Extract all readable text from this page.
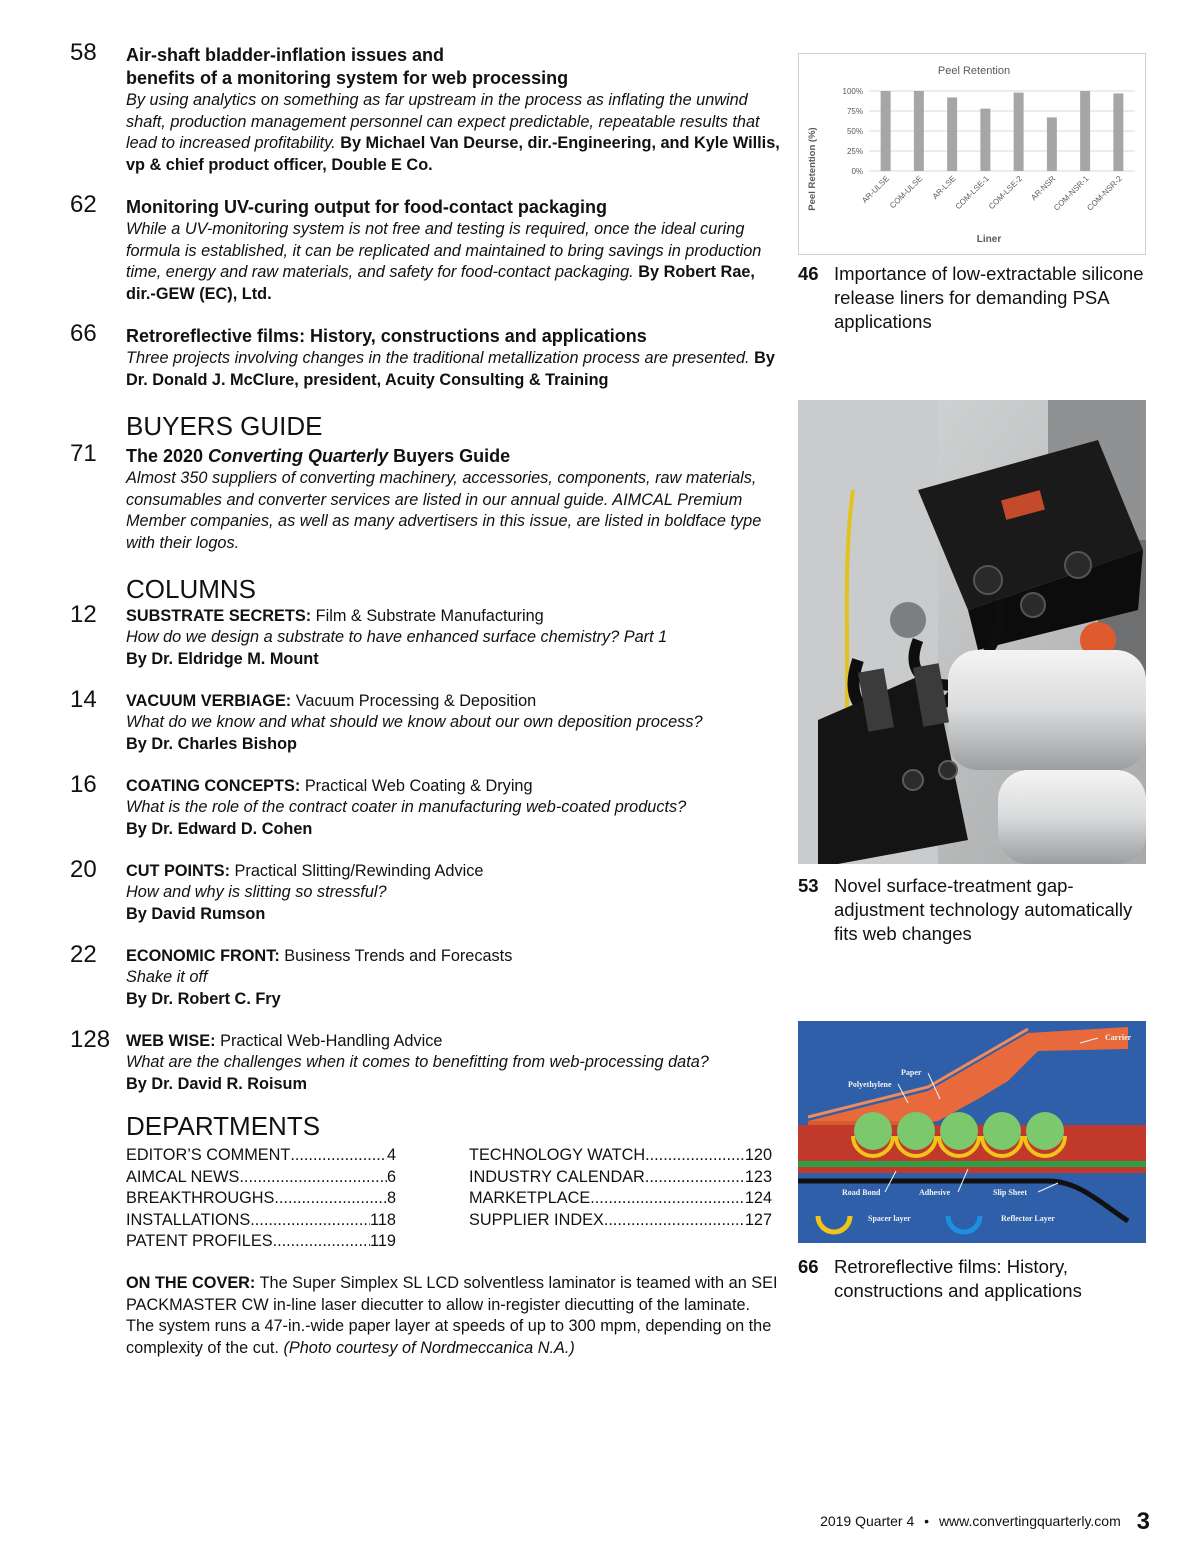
58	Air-shaft bladder-inflation issues and
benefits of a monitoring system for web processing
By using analytics on something as far upstream in the process as inflating the unwind shaft, production management personnel can expect predictable, repeatable results that lead to increased profitability. By Michael Van Deurse, dir.-Engineering, and Kyle Willis, vp & chief product officer, Double E Co.
62	Monitoring UV-curing output for food-contact packaging
While a UV-monitoring system is not free and testing is required, once the ideal curing formula is established, it can be replicated and maintained to bring savings in production time, energy and raw materials, and safety for food-contact packaging. By Robert Rae, dir.-GEW (EC), Ltd.
66	Retroreflective films: History, constructions and applications
Three projects involving changes in the traditional metallization process are presented. By Dr. Donald J. McClure, president, Acuity Consulting & Training
BUYERS GUIDE
71	The 2020 Converting Quarterly Buyers Guide
Almost 350 suppliers of converting machinery, accessories, components, raw materials, consumables and converter services are listed in our annual guide. AIMCAL Premium Member companies, as well as many advertisers in this issue, are listed in boldface type with their logos.
COLUMNS
12	SUBSTRATE SECRETS: Film & Substrate Manufacturing
How do we design a substrate to have enhanced surface chemistry? Part 1
By Dr. Eldridge M. Mount
14	VACUUM VERBIAGE: Vacuum Processing & Deposition
What do we know and what should we know about our own deposition process?
By Dr. Charles Bishop
16	COATING CONCEPTS: Practical Web Coating & Drying
What is the role of the contract coater in manufacturing web-coated products?
By Dr. Edward D. Cohen
20	CUT POINTS: Practical Slitting/Rewinding Advice
How and why is slitting so stressful?
By David Rumson
22	ECONOMIC FRONT: Business Trends and Forecasts
Shake it off
By Dr. Robert C. Fry
128 WEB WISE: Practical Web-Handling Advice
What are the challenges when it comes to benefitting from web-processing data?
By Dr. David R. Roisum
DEPARTMENTS
EDITOR’S COMMENT .....	4
AIMCAL NEWS .....	6
BREAKTHROUGHS .....	8
INSTALLATIONS .....	118
PATENT PROFILES .....	119
TECHNOLOGY WATCH .....	120
INDUSTRY CALENDAR .....	123
MARKETPLACE .....	124
SUPPLIER INDEX .....	127
ON THE COVER: The Super Simplex SL LCD solventless laminator is teamed with an SEI PACKMASTER CW in-line laser diecutter to allow in-register diecutting of the laminate. The system runs a 47-in.-wide paper layer at speeds of up to 300 mpm, depending on the complexity of the cut. (Photo courtesy of Nordmeccanica N.A.)
Peel Retention
0%
25%
50%
75%
100%
AR-ULSE
COM-ULSE AR-LSE
COM-LSE-1
COM-LSE-2 AR-NSR
COM-NSR-1
COM-NSR-2
Peel Retention (%)
Liner
46 Importance of low-extractable silicone release liners for demanding PSA applications
53 Novel surface-treatment gap-adjustment technology automatically fits web changes
Carrier
Paper
Polyethylene
Road Bond	Adhesive	Slip Sheet
Spacer layer	Reflector Layer
66 Retroreflective films: History, constructions and applications
2019 Quarter 4 • www.convertingquarterly.com 3
